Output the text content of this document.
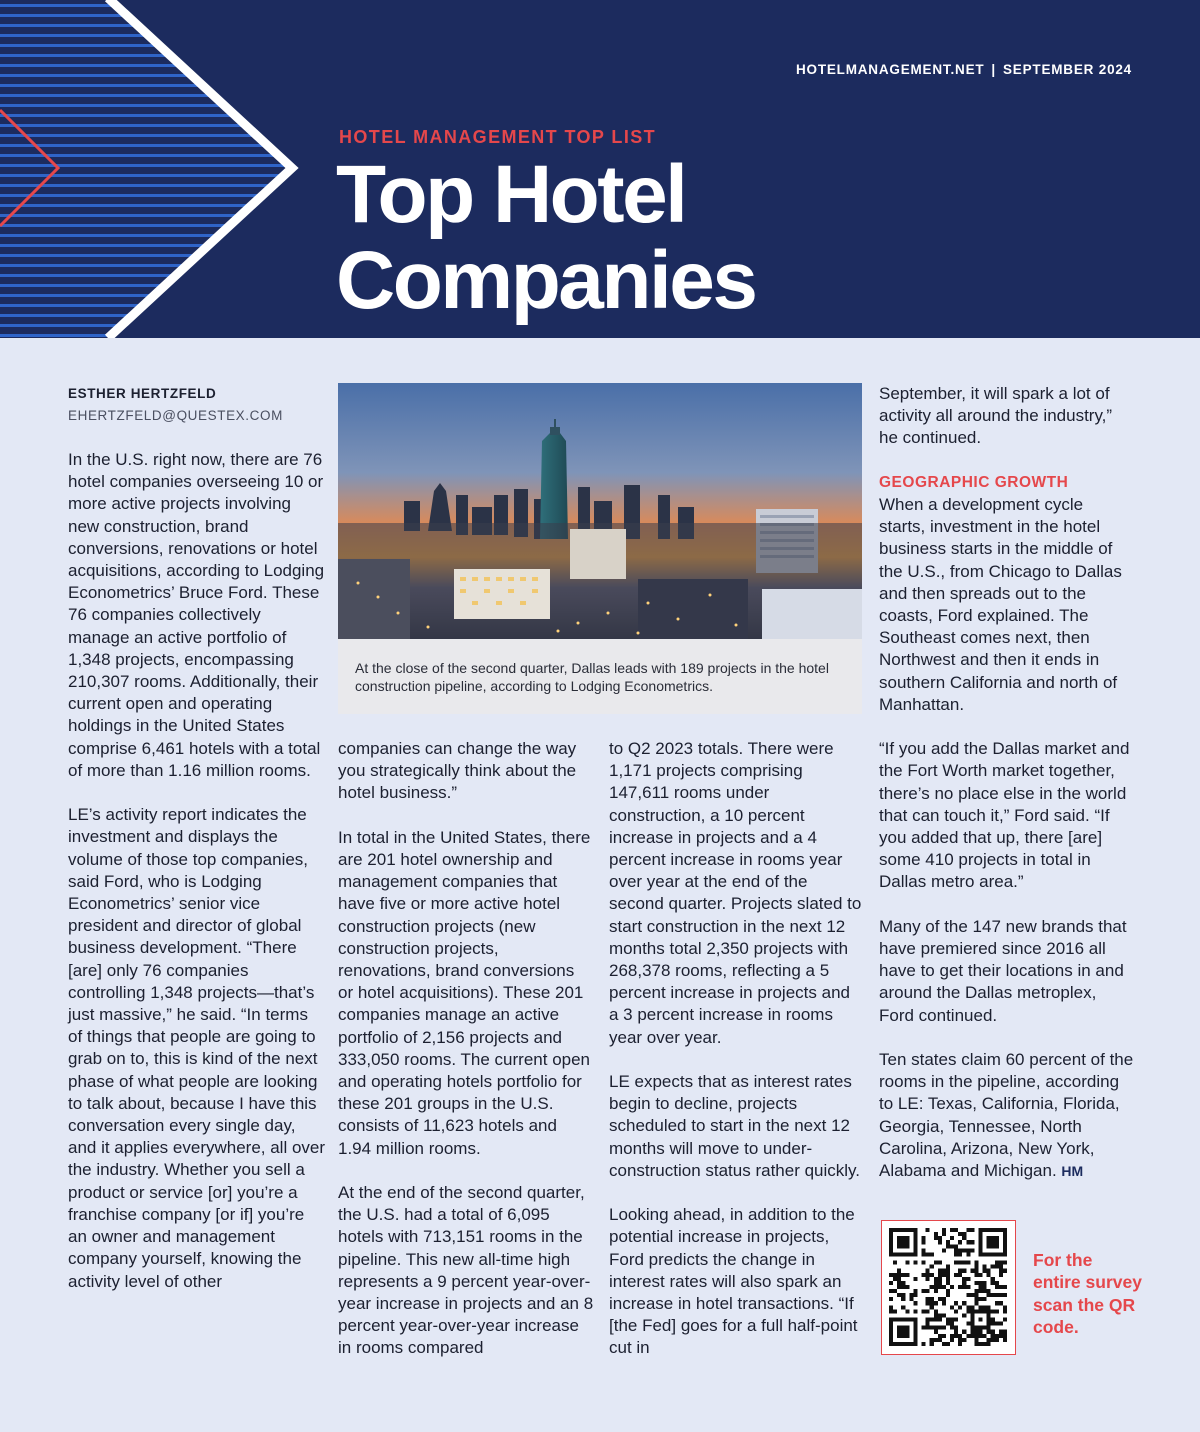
HOTELMANAGEMENT.NET | SEPTEMBER 2024
HOTEL MANAGEMENT TOP LIST
Top Hotel
Companies
ESTHER HERTZFELD
EHERTZFELD@QUESTEX.COM

In the U.S. right now, there are 76 hotel companies overseeing 10 or more active projects involving new construction, brand conversions, renovations or hotel acquisitions, according to Lodging Econometrics’ Bruce Ford. These 76 companies collectively manage an active portfolio of 1,348 projects, encompassing 210,307 rooms. Additionally, their current open and operating holdings in the United States comprise 6,461 hotels with a total of more than 1.16 million rooms.

LE’s activity report indicates the investment and displays the volume of those top companies, said Ford, who is Lodging Econometrics’ senior vice president and director of global business development. “There [are] only 76 companies controlling 1,348 projects—that’s just massive,” he said. “In terms of things that people are going to grab on to, this is kind of the next phase of what people are looking to talk about, because I have this conversation every single day, and it applies everywhere, all over the industry. Whether you sell a product or service [or] you’re a franchise company [or if] you’re an owner and management company yourself, knowing the activity level of other

At the close of the second quarter, Dallas leads with 189 projects in the hotel construction pipeline, according to Lodging Econometrics.

companies can change the way you strategically think about the hotel business.”

In total in the United States, there are 201 hotel ownership and management companies that have five or more active hotel construction projects (new construction projects, renovations, brand conversions or hotel acquisitions). These 201 companies manage an active portfolio of 2,156 projects and 333,050 rooms. The current open and operating hotels portfolio for these 201 groups in the U.S. consists of 11,623 hotels and 1.94 million rooms.

At the end of the second quarter, the U.S. had a total of 6,095 hotels with 713,151 rooms in the pipeline. This new all-time high represents a 9 percent year-over-year increase in projects and an 8 percent year-over-year increase in rooms compared

to Q2 2023 totals. There were 1,171 projects comprising 147,611 rooms under construction, a 10 percent increase in projects and a 4 percent increase in rooms year over year at the end of the second quarter. Projects slated to start construction in the next 12 months total 2,350 projects with 268,378 rooms, reflecting a 5 percent increase in projects and a 3 percent increase in rooms year over year.

LE expects that as interest rates begin to decline, projects scheduled to start in the next 12 months will move to under-construction status rather quickly.

Looking ahead, in addition to the potential increase in projects, Ford predicts the change in interest rates will also spark an increase in hotel transactions. “If [the Fed] goes for a full half-point cut in

September, it will spark a lot of activity all around the industry,” he continued.

GEOGRAPHIC GROWTH
When a development cycle starts, investment in the hotel business starts in the middle of the U.S., from Chicago to Dallas and then spreads out to the coasts, Ford explained. The Southeast comes next, then Northwest and then it ends in southern California and north of Manhattan.

“If you add the Dallas market and the Fort Worth market together, there’s no place else in the world that can touch it,” Ford said. “If you added that up, there [are] some 410 projects in total in Dallas metro area.”

Many of the 147 new brands that have premiered since 2016 all have to get their locations in and around the Dallas metroplex, Ford continued.

Ten states claim 60 percent of the rooms in the pipeline, according to LE: Texas, California, Florida, Georgia, Tennessee, North Carolina, Arizona, New York, Alabama and Michigan. HM

For the entire survey scan the QR code.
